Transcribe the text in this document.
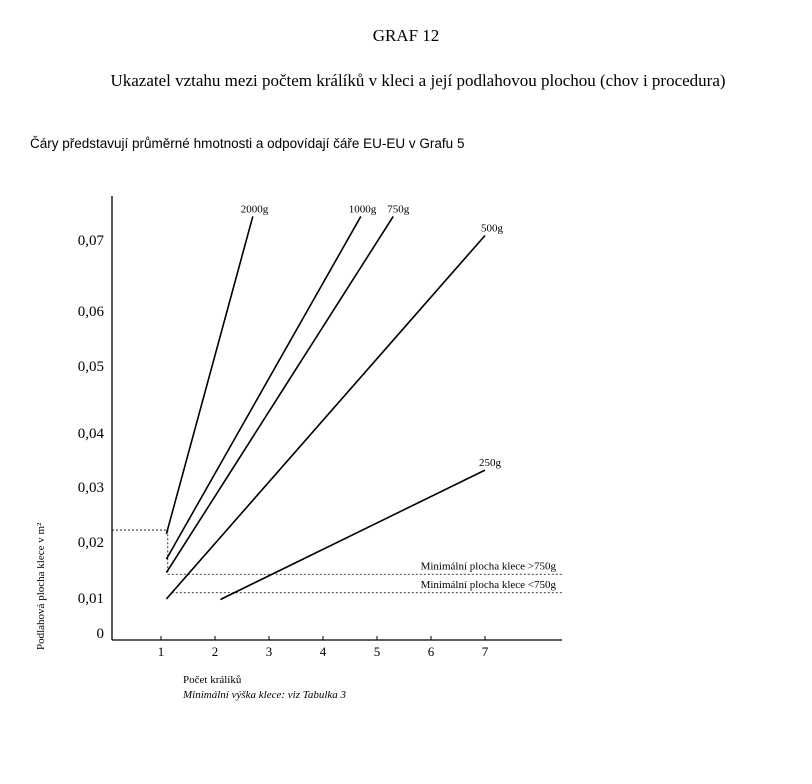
GRAF 12
Ukazatel vztahu mezi počtem králíků v kleci a její podlahovou plochou (chov i procedura)
Čáry představují průměrné hmotnosti a odpovídají čáře EU-EU v Grafu 5
0
0,01
0,02
0,03
0,04
0,05
0,06
0,07
1	2	3	4	5	6	7
Minimální plocha klece >750g
Minimální plocha klece <750g
2000g	1000g 750g
500g
250g
Podlahová plocha klece v m²
Počet králíků
Minimální výška klece: viz Tabulka 3
